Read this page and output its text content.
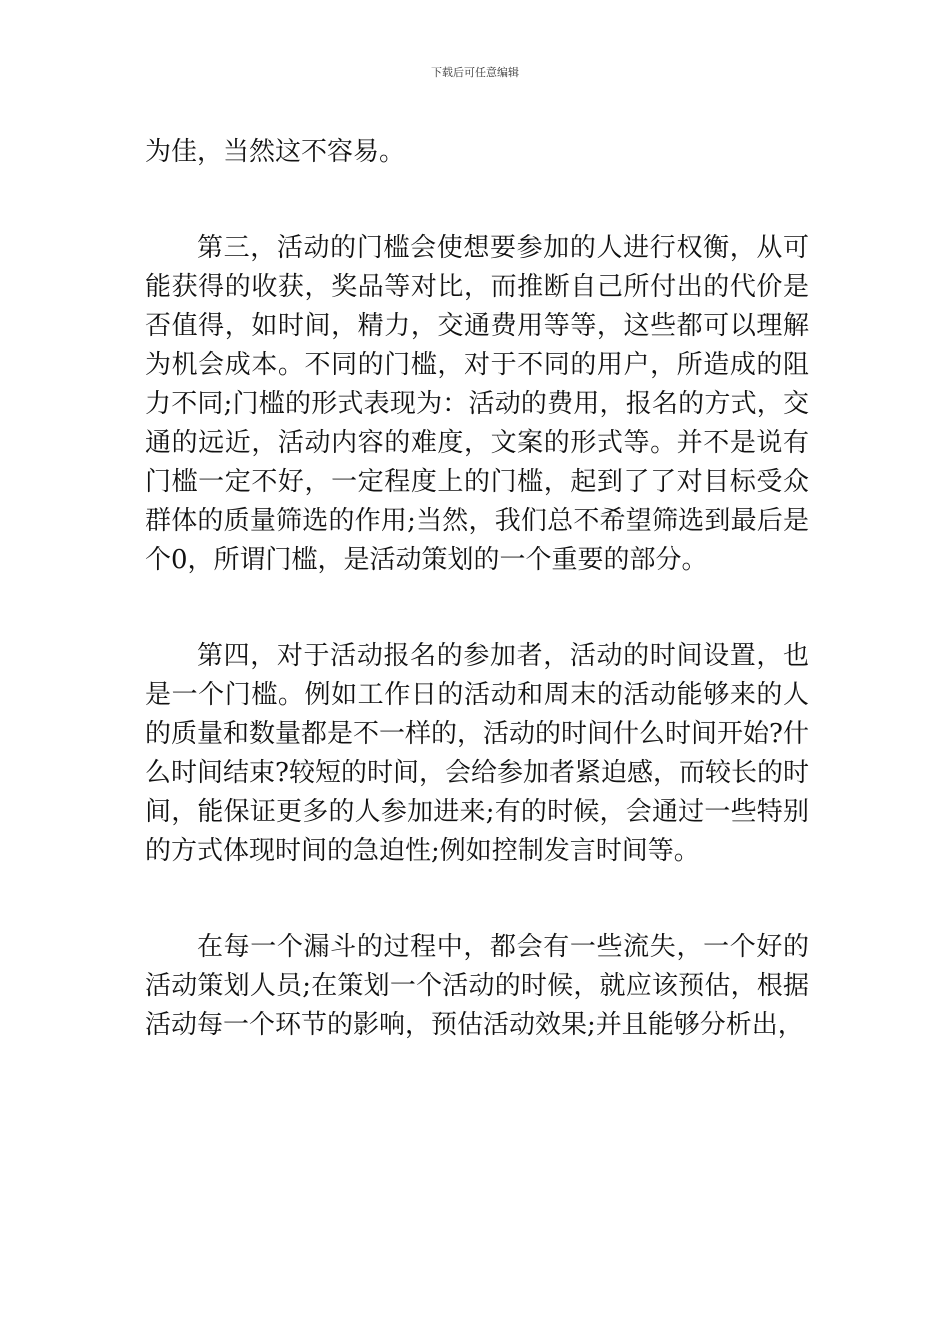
下载后可任意编辑

为佳，当然这不容易。

第三，活动的门槛会使想要参加的人进行权衡，从可能获得的收获，奖品等对比，而推断自己所付出的代价是否值得，如时间，精力，交通费用等等，这些都可以理解为机会成本。不同的门槛，对于不同的用户，所造成的阻力不同;门槛的形式表现为：活动的费用，报名的方式，交通的远近，活动内容的难度，文案的形式等。并不是说有门槛一定不好，一定程度上的门槛，起到了了对目标受众群体的质量筛选的作用;当然，我们总不希望筛选到最后是个0，所谓门槛，是活动策划的一个重要的部分。

第四，对于活动报名的参加者，活动的时间设置，也是一个门槛。例如工作日的活动和周末的活动能够来的人的质量和数量都是不一样的，活动的时间什么时间开始?什么时间结束?较短的时间，会给参加者紧迫感，而较长的时间，能保证更多的人参加进来;有的时候，会通过一些特别的方式体现时间的急迫性;例如控制发言时间等。

在每一个漏斗的过程中，都会有一些流失，一个好的活动策划人员;在策划一个活动的时候，就应该预估，根据活动每一个环节的影响，预估活动效果;并且能够分析出，
